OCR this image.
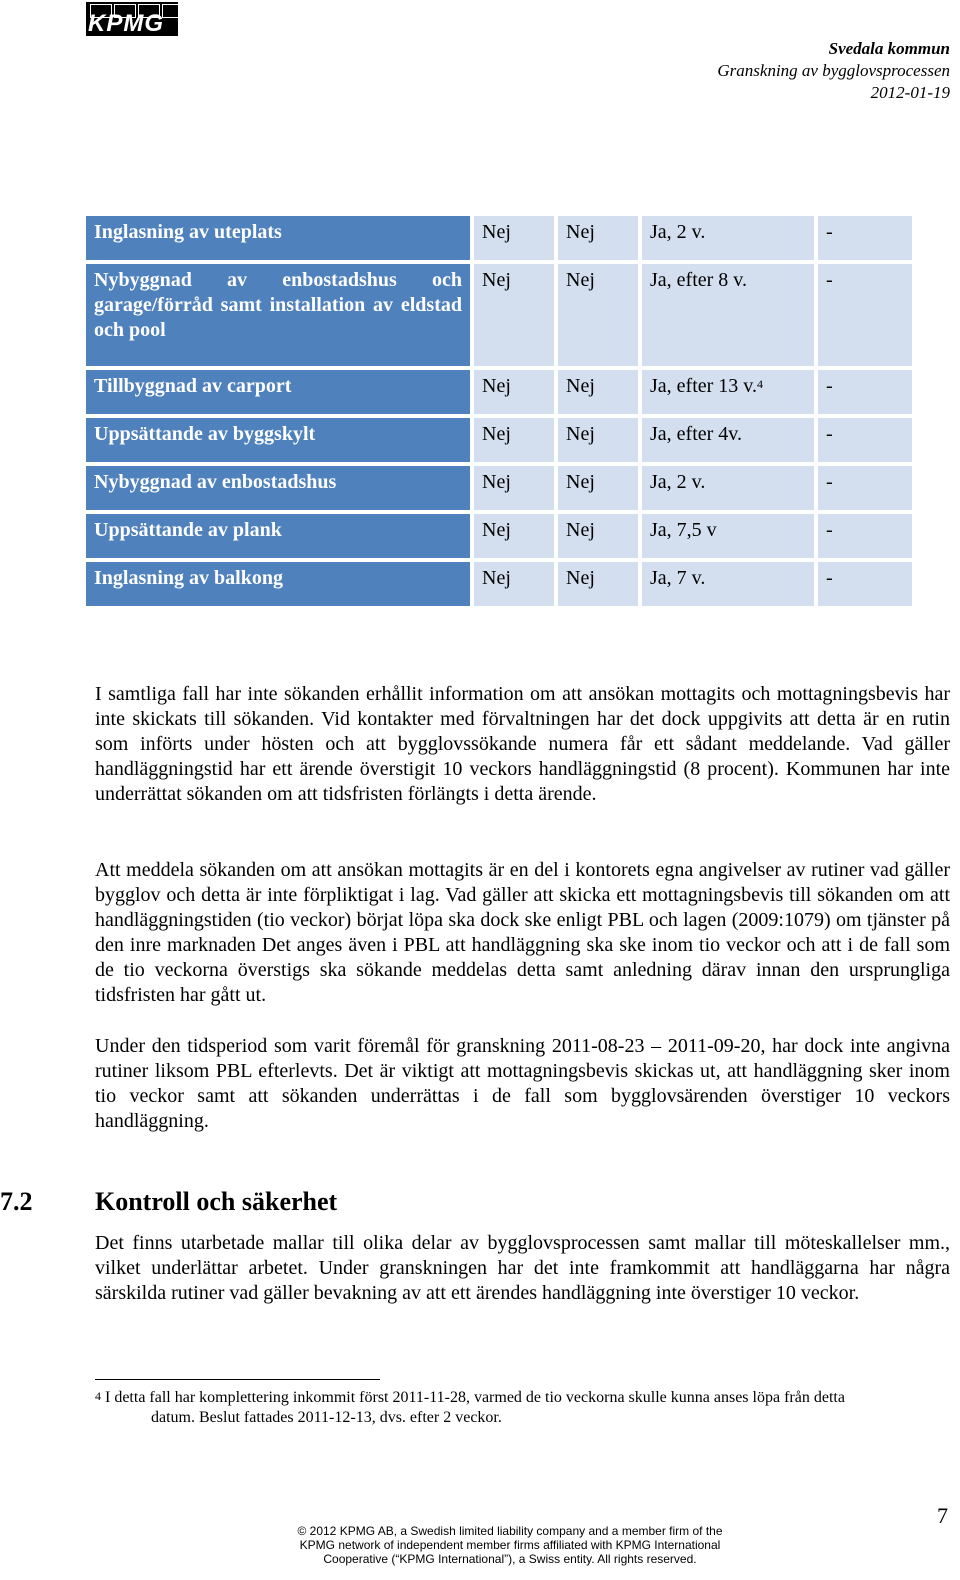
KPMG
Svedala kommun
Granskning av bygglovsprocessen
2012-01-19
Inglasning av uteplats	Nej	Nej	Ja, 2 v.	-
Nybyggnad av enbostadshus och garage/förråd samt installation av eldstad och pool	Nej	Nej	Ja, efter 8 v.	-
Tillbyggnad av carport	Nej	Nej	Ja, efter 13 v.$^4$	-
Uppsättande av byggskylt	Nej	Nej	Ja, efter 4v.	-
Nybyggnad av enbostadshus	Nej	Nej	Ja, 2 v.	-
Uppsättande av plank	Nej	Nej	Ja, 7,5 v	-
Inglasning av balkong	Nej	Nej	Ja, 7 v.	-

I samtliga fall har inte sökanden erhållit information om att ansökan mottagits och mottagningsbevis har inte skickats till sökanden. Vid kontakter med förvaltningen har det dock uppgivits att detta är en rutin som införts under hösten och att bygglovssökande numera får ett sådant meddelande. Vad gäller handläggningstid har ett ärende överstigit 10 veckors handläggningstid (8 procent). Kommunen har inte underrättat sökanden om att tidsfristen förlängts i detta ärende.

Att meddela sökanden om att ansökan mottagits är en del i kontorets egna angivelser av rutiner vad gäller bygglov och detta är inte förpliktigat i lag. Vad gäller att skicka ett mottagningsbevis till sökanden om att handläggningstiden (tio veckor) börjat löpa ska dock ske enligt PBL och lagen (2009:1079) om tjänster på den inre marknaden Det anges även i PBL att handläggning ska ske inom tio veckor och att i de fall som de tio veckorna överstigs ska sökande meddelas detta samt anledning därav innan den ursprungliga tidsfristen har gått ut.

Under den tidsperiod som varit föremål för granskning 2011-08-23 – 2011-09-20, har dock inte angivna rutiner liksom PBL efterlevts. Det är viktigt att mottagningsbevis skickas ut, att handläggning sker inom tio veckor samt att sökanden underrättas i de fall som bygglovsärenden överstiger 10 veckors handläggning.

7.2 Kontroll och säkerhet

Det finns utarbetade mallar till olika delar av bygglovsprocessen samt mallar till möteskallelser mm., vilket underlättar arbetet. Under granskningen har det inte framkommit att handläggarna har några särskilda rutiner vad gäller bevakning av att ett ärendes handläggning inte överstiger 10 veckor.

$^4$ I detta fall har komplettering inkommit först 2011-11-28, varmed de tio veckorna skulle kunna anses löpa från detta
datum. Beslut fattades 2011-12-13, dvs. efter 2 veckor.

© 2012 KPMG AB, a Swedish limited liability company and a member firm of the
KPMG network of independent member firms affiliated with KPMG International
Cooperative (“KPMG International”), a Swiss entity. All rights reserved.
7
